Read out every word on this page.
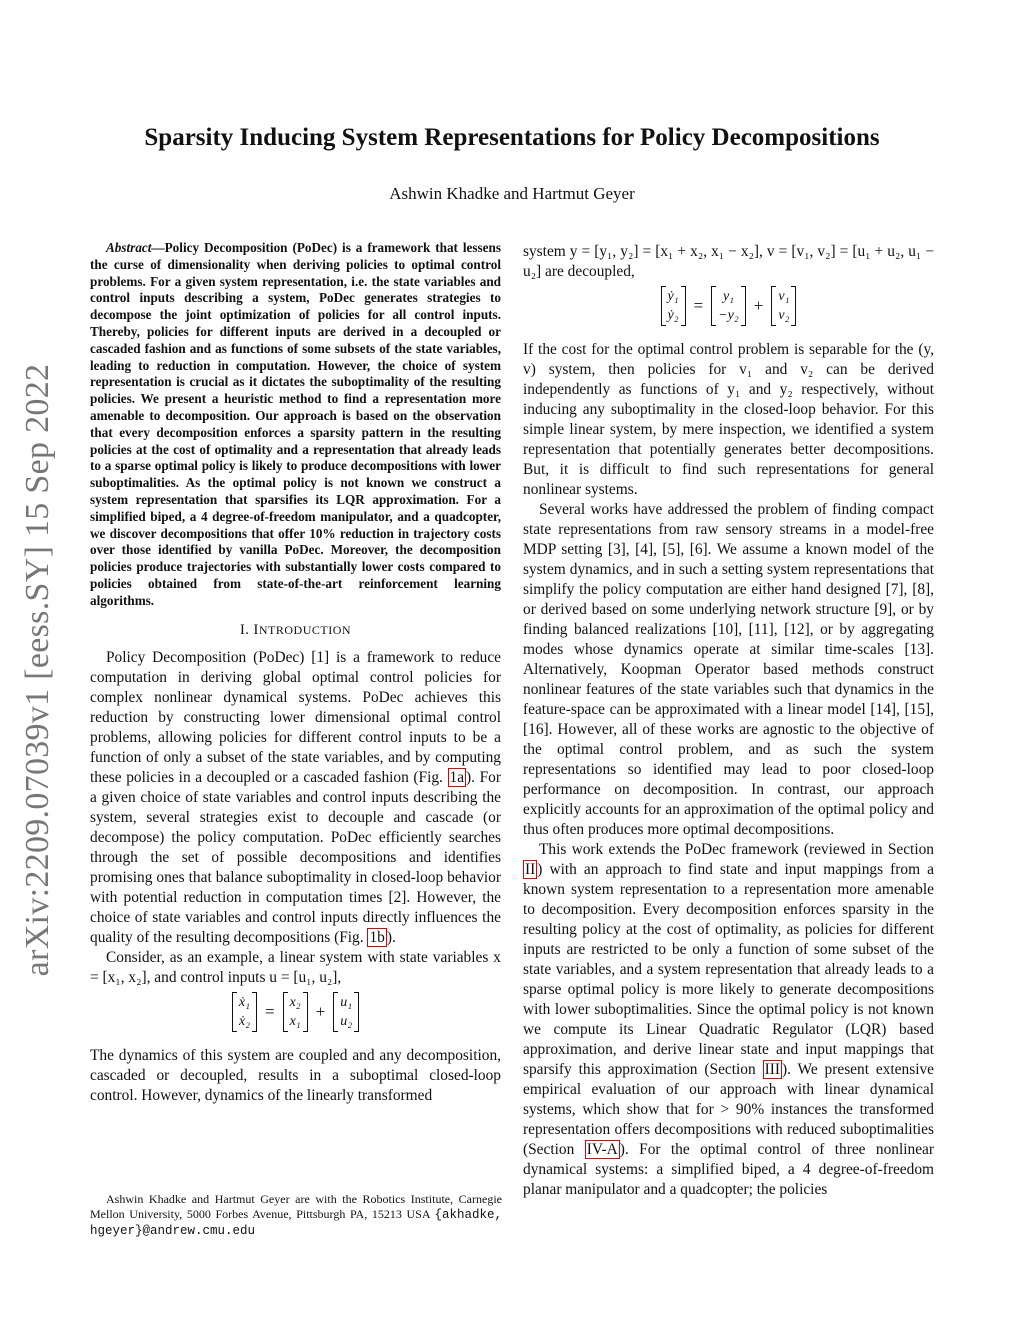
arXiv:2209.07039v1 [eess.SY] 15 Sep 2022
Sparsity Inducing System Representations for Policy Decompositions
Ashwin Khadke and Hartmut Geyer

Abstract—Policy Decomposition (PoDec) is a framework that lessens the curse of dimensionality when deriving policies to optimal control problems. For a given system representation, i.e. the state variables and control inputs describing a system, PoDec generates strategies to decompose the joint optimization of policies for all control inputs. Thereby, policies for different inputs are derived in a decoupled or cascaded fashion and as functions of some subsets of the state variables, leading to reduction in computation. However, the choice of system representation is crucial as it dictates the suboptimality of the resulting policies. We present a heuristic method to find a representation more amenable to decomposition. Our approach is based on the observation that every decomposition enforces a sparsity pattern in the resulting policies at the cost of optimality and a representation that already leads to a sparse optimal policy is likely to produce decompositions with lower suboptimalities. As the optimal policy is not known we construct a system representation that sparsifies its LQR approximation. For a simplified biped, a 4 degree-of-freedom manipulator, and a quadcopter, we discover decompositions that offer 10% reduction in trajectory costs over those identified by vanilla PoDec. Moreover, the decomposition policies produce trajectories with substantially lower costs compared to policies obtained from state-of-the-art reinforcement learning algorithms.

I. INTRODUCTION

Policy Decomposition (PoDec) [1] is a framework to reduce computation in deriving global optimal control policies for complex nonlinear dynamical systems. PoDec achieves this reduction by constructing lower dimensional optimal control problems, allowing policies for different control inputs to be a function of only a subset of the state variables, and by computing these policies in a decoupled or a cascaded fashion (Fig. 1a ). For a given choice of state variables and control inputs describing the system, several strategies exist to decouple and cascade (or decompose) the policy computation. PoDec efficiently searches through the set of possible decompositions and identifies promising ones that balance suboptimality in closed-loop behavior with potential reduction in computation times [2]. However, the choice of state variables and control inputs directly influences the quality of the resulting decompositions (Fig. 1b ).

Consider, as an example, a linear system with state variables x = [x₁, x₂], and control inputs u = [u₁, u₂],

ẋ₁
ẋ₂
=	x₂
x₁
+	u₁
u₂

The dynamics of this system are coupled and any decomposition, cascaded or decoupled, results in a suboptimal closed-loop control. However, dynamics of the linearly transformed

Ashwin Khadke and Hartmut Geyer are with the Robotics Institute, Carnegie Mellon University, 5000 Forbes Avenue, Pittsburgh PA, 15213 USA {akhadke, hgeyer}@andrew.cmu.edu

system y = [y₁, y₂] = [x₁ + x₂, x₁ − x₂], v = [v₁, v₂] = [u₁ + u₂, u₁ − u₂] are decoupled,

ẏ₁
ẏ₂
=	y₁
−y₂
+	v₁
v₂

If the cost for the optimal control problem is separable for the (y, v) system, then policies for v₁ and v₂ can be derived independently as functions of y₁ and y₂ respectively, without inducing any suboptimality in the closed-loop behavior. For this simple linear system, by mere inspection, we identified a system representation that potentially generates better decompositions. But, it is difficult to find such representations for general nonlinear systems.

Several works have addressed the problem of finding compact state representations from raw sensory streams in a model-free MDP setting [3], [4], [5], [6]. We assume a known model of the system dynamics, and in such a setting system representations that simplify the policy computation are either hand designed [7], [8], or derived based on some underlying network structure [9], or by finding balanced realizations [10], [11], [12], or by aggregating modes whose dynamics operate at similar time-scales [13]. Alternatively, Koopman Operator based methods construct nonlinear features of the state variables such that dynamics in the feature-space can be approximated with a linear model [14], [15], [16]. However, all of these works are agnostic to the objective of the optimal control problem, and as such the system representations so identified may lead to poor closed-loop performance on decomposition. In contrast, our approach explicitly accounts for an approximation of the optimal policy and thus often produces more optimal decompositions.

This work extends the PoDec framework (reviewed in Section II ) with an approach to find state and input mappings from a known system representation to a representation more amenable to decomposition. Every decomposition enforces sparsity in the resulting policy at the cost of optimality, as policies for different inputs are restricted to be only a function of some subset of the state variables, and a system representation that already leads to a sparse optimal policy is more likely to generate decompositions with lower suboptimalities. Since the optimal policy is not known we compute its Linear Quadratic Regulator (LQR) based approximation, and derive linear state and input mappings that sparsify this approximation (Section III ). We present extensive empirical evaluation of our approach with linear dynamical systems, which show that for > 90% instances the transformed representation offers decompositions with reduced suboptimalities (Section IV-A ). For the optimal control of three nonlinear dynamical systems: a simplified biped, a 4 degree-of-freedom planar manipulator and a quadcopter; the policies
